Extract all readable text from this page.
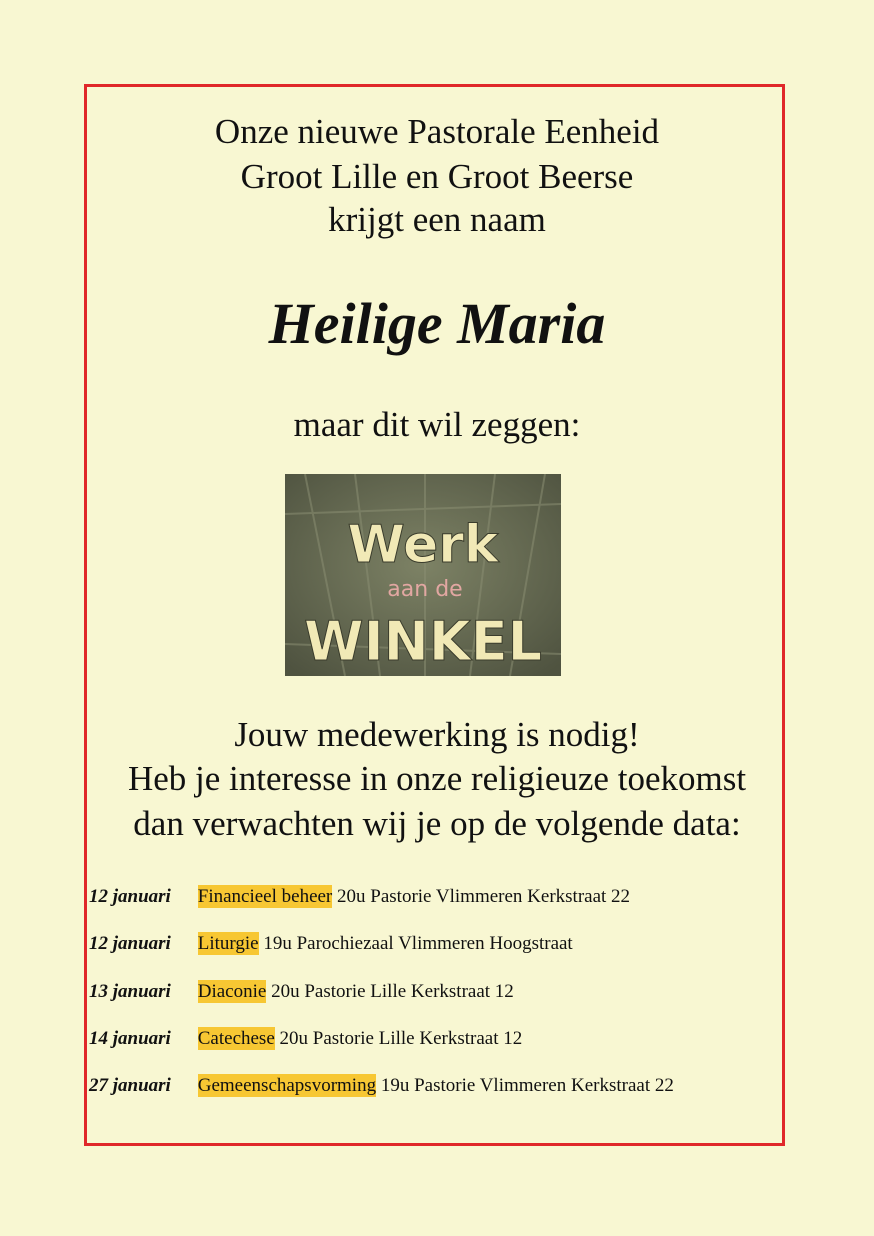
Onze nieuwe Pastorale Eenheid
Groot Lille en Groot Beerse
krijgt een naam
Heilige Maria
maar dit wil zeggen:
Werk
aan de
WINKEL
Jouw medewerking is nodig!
Heb je interesse in onze religieuze toekomst
dan verwachten wij je op de volgende data:
12 januari Financieel beheer 20u Pastorie Vlimmeren Kerkstraat 22
12 januari Liturgie 19u Parochiezaal Vlimmeren Hoogstraat
13 januari Diaconie 20u Pastorie Lille Kerkstraat 12
14 januari Catechese 20u Pastorie Lille Kerkstraat 12
27 januari Gemeenschapsvorming 19u Pastorie Vlimmeren Kerkstraat 22
